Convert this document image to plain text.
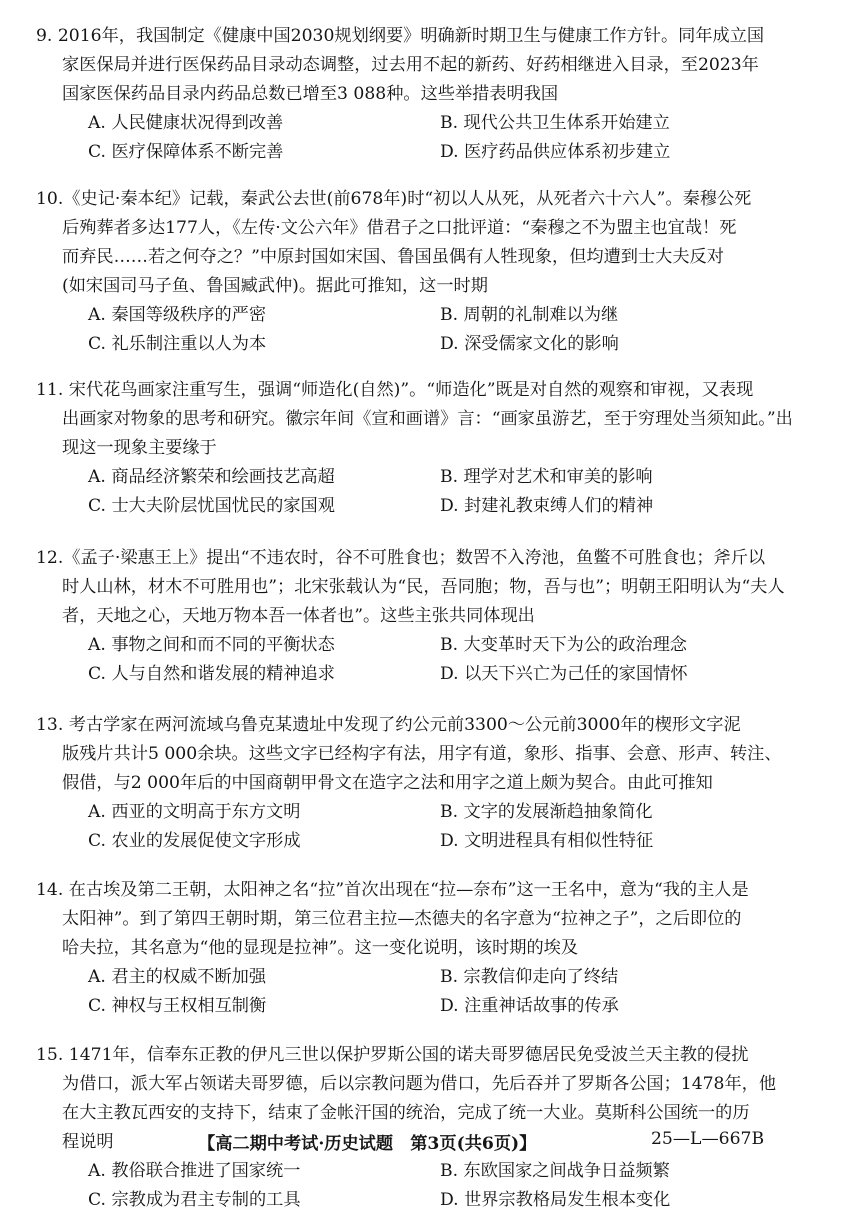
9. 2016年，我国制定《健康中国2030规划纲要》明确新时期卫生与健康工作方针。同年成立国
家医保局并进行医保药品目录动态调整，过去用不起的新药、好药相继进入目录，至2023年
国家医保药品目录内药品总数已增至3 088种。这些举措表明我国
A. 人民健康状况得到改善	B. 现代公共卫生体系开始建立
C. 医疗保障体系不断完善	D. 医疗药品供应体系初步建立
10.《史记·秦本纪》记载，秦武公去世(前678年)时“初以人从死，从死者六十六人”。秦穆公死
后殉葬者多达177人，《左传·文公六年》借君子之口批评道：“秦穆之不为盟主也宜哉！死
而弃民……若之何夺之？”中原封国如宋国、鲁国虽偶有人牲现象，但均遭到士大夫反对
(如宋国司马子鱼、鲁国臧武仲)。据此可推知，这一时期
A. 秦国等级秩序的严密	B. 周朝的礼制难以为继
C. 礼乐制注重以人为本	D. 深受儒家文化的影响
11. 宋代花鸟画家注重写生，强调“师造化(自然)”。“师造化”既是对自然的观察和审视，又表现
出画家对物象的思考和研究。徽宗年间《宣和画谱》言：“画家虽游艺，至于穷理处当须知此。”出
现这一现象主要缘于
A. 商品经济繁荣和绘画技艺高超	B. 理学对艺术和审美的影响
C. 士大夫阶层忧国忧民的家国观	D. 封建礼教束缚人们的精神
12.《孟子·梁惠王上》提出“不违农时，谷不可胜食也；数罟不入洿池，鱼鳖不可胜食也；斧斤以
时人山林，材木不可胜用也”；北宋张载认为“民，吾同胞；物，吾与也”；明朝王阳明认为“夫人
者，天地之心，天地万物本吾一体者也”。这些主张共同体现出
A. 事物之间和而不同的平衡状态	B. 大变革时天下为公的政治理念
C. 人与自然和谐发展的精神追求	D. 以天下兴亡为己任的家国情怀
13. 考古学家在两河流域乌鲁克某遗址中发现了约公元前3300～公元前3000年的楔形文字泥
版残片共计5 000余块。这些文字已经构字有法，用字有道，象形、指事、会意、形声、转注、
假借，与2 000年后的中国商朝甲骨文在造字之法和用字之道上颇为契合。由此可推知
A. 西亚的文明高于东方文明	B. 文字的发展渐趋抽象简化
C. 农业的发展促使文字形成	D. 文明进程具有相似性特征
14. 在古埃及第二王朝，太阳神之名“拉”首次出现在“拉—奈布”这一王名中，意为“我的主人是
太阳神”。到了第四王朝时期，第三位君主拉—杰德夫的名字意为“拉神之子”，之后即位的
哈夫拉，其名意为“他的显现是拉神”。这一变化说明，该时期的埃及
A. 君主的权威不断加强	B. 宗教信仰走向了终结
C. 神权与王权相互制衡	D. 注重神话故事的传承
15. 1471年，信奉东正教的伊凡三世以保护罗斯公国的诺夫哥罗德居民免受波兰天主教的侵扰
为借口，派大军占领诺夫哥罗德，后以宗教问题为借口，先后吞并了罗斯各公国；1478年，他
在大主教瓦西安的支持下，结束了金帐汗国的统治，完成了统一大业。莫斯科公国统一的历
程说明
A. 教俗联合推进了国家统一	B. 东欧国家之间战争日益频繁
C. 宗教成为君主专制的工具	D. 世界宗教格局发生根本变化
【高二期中考试·历史试题　第3页(共6页)】	25—L—667B
